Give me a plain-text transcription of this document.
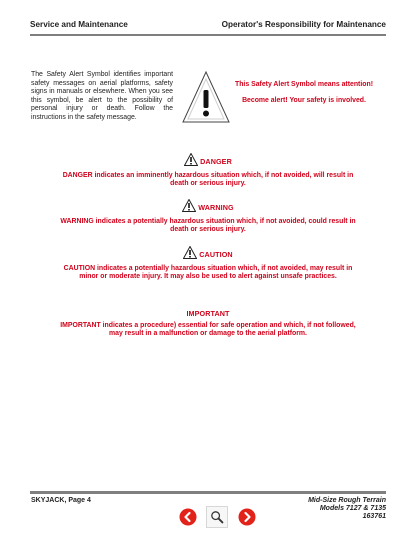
Service and Maintenance	Operator's Responsibility for Maintenance
The Safety Alert Symbol identifies important safety messages on aerial platforms, safety signs in manuals or elsewhere. When you see this symbol, be alert to the possibility of personal injury or death. Follow the instructions in the safety message.
This Safety Alert Symbol means attention!
Become alert! Your safety is involved.
DANGER
DANGER indicates an imminently hazardous situation which, if not avoided, will result in death or serious injury.
WARNING
WARNING indicates a potentially hazardous situation which, if not avoided, could result in death or serious injury.
CAUTION
CAUTION indicates a potentially hazardous situation which, if not avoided, may result in minor or moderate injury. It may also be used to alert against unsafe practices.
IMPORTANT
IMPORTANT indicates a procedure) essential for safe operation and which, if not followed, may result in a malfunction or damage to the aerial platform.
SKYJACK, Page 4	Mid-Size Rough Terrain
Models 7127 & 7135
163761
